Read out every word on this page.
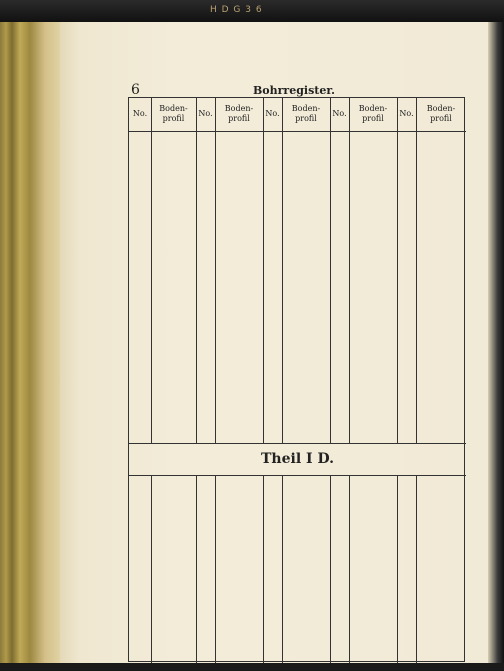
H D G 3 6
6	Bohrregister.
Theil I D.
No.
Boden-
profil
No.
Boden-
profil
No.
Boden-
profil
No.
Boden-
profil
No.
Boden-
profil
